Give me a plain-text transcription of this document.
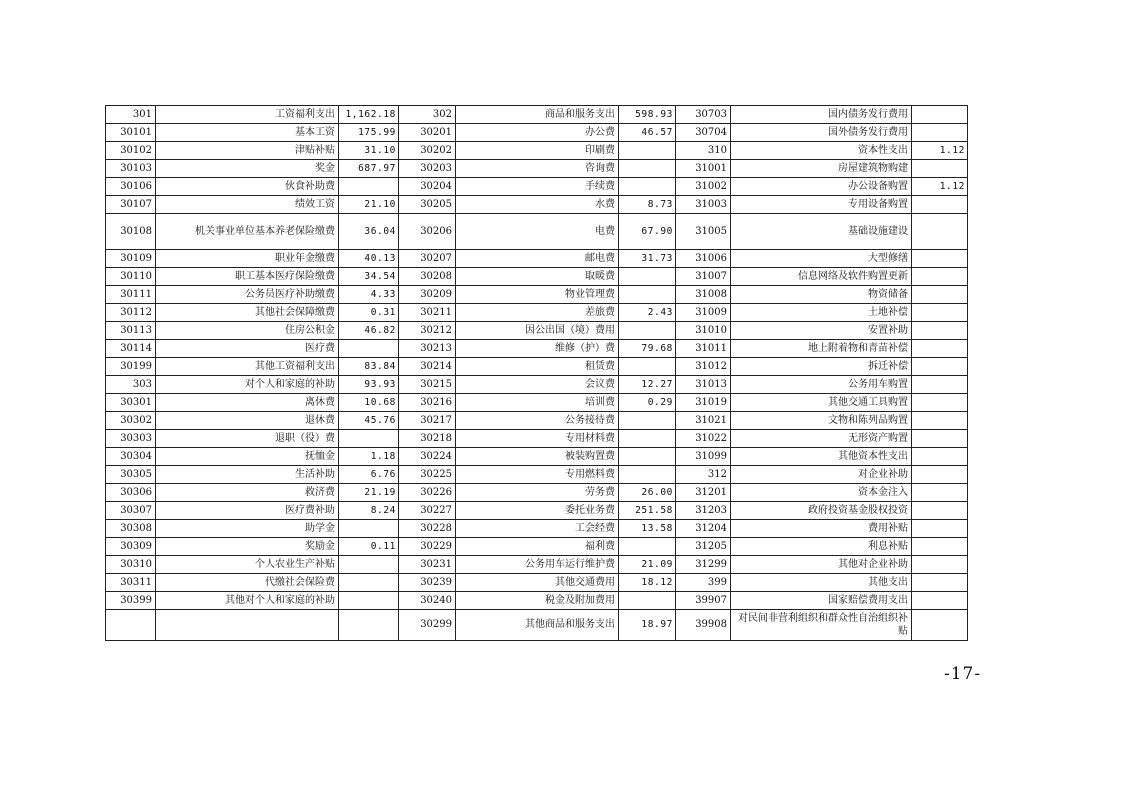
301	工资福利支出	1,162.18	302	商品和服务支出	598.93	30703	国内债务发行费用	
30101	基本工资	175.99	30201	办公费	46.57	30704	国外债务发行费用	
30102	津贴补贴	31.10	30202	印刷费		310	资本性支出	1.12
30103	奖金	687.97	30203	咨询费		31001	房屋建筑物购建	
30106	伙食补助费		30204	手续费		31002	办公设备购置	1.12
30107	绩效工资	21.10	30205	水费	8.73	31003	专用设备购置	
30108	机关事业单位基本养老保险缴费	36.04	30206	电费	67.90	31005	基础设施建设	
30109	职业年金缴费	40.13	30207	邮电费	31.73	31006	大型修缮	
30110	职工基本医疗保险缴费	34.54	30208	取暖费		31007	信息网络及软件购置更新	
30111	公务员医疗补助缴费	4.33	30209	物业管理费		31008	物资储备	
30112	其他社会保障缴费	0.31	30211	差旅费	2.43	31009	土地补偿	
30113	住房公积金	46.82	30212	因公出国（境）费用		31010	安置补助	
30114	医疗费		30213	维修（护）费	79.68	31011	地上附着物和青苗补偿	
30199	其他工资福利支出	83.84	30214	租赁费		31012	拆迁补偿	
303	对个人和家庭的补助	93.93	30215	会议费	12.27	31013	公务用车购置	
30301	离休费	10.68	30216	培训费	0.29	31019	其他交通工具购置	
30302	退休费	45.76	30217	公务接待费		31021	文物和陈列品购置	
30303	退职（役）费		30218	专用材料费		31022	无形资产购置	
30304	抚恤金	1.18	30224	被装购置费		31099	其他资本性支出	
30305	生活补助	6.76	30225	专用燃料费		312	对企业补助	
30306	救济费	21.19	30226	劳务费	26.00	31201	资本金注入	
30307	医疗费补助	8.24	30227	委托业务费	251.58	31203	政府投资基金股权投资	
30308	助学金		30228	工会经费	13.58	31204	费用补贴	
30309	奖励金	0.11	30229	福利费		31205	利息补贴	
30310	个人农业生产补贴		30231	公务用车运行维护费	21.09	31299	其他对企业补助	
30311	代缴社会保险费		30239	其他交通费用	18.12	399	其他支出	
30399	其他对个人和家庭的补助		30240	税金及附加费用		39907	国家赔偿费用支出	
			30299	其他商品和服务支出	18.97	39908	对民间非营利组织和群众性自治组织补贴	
-17-
